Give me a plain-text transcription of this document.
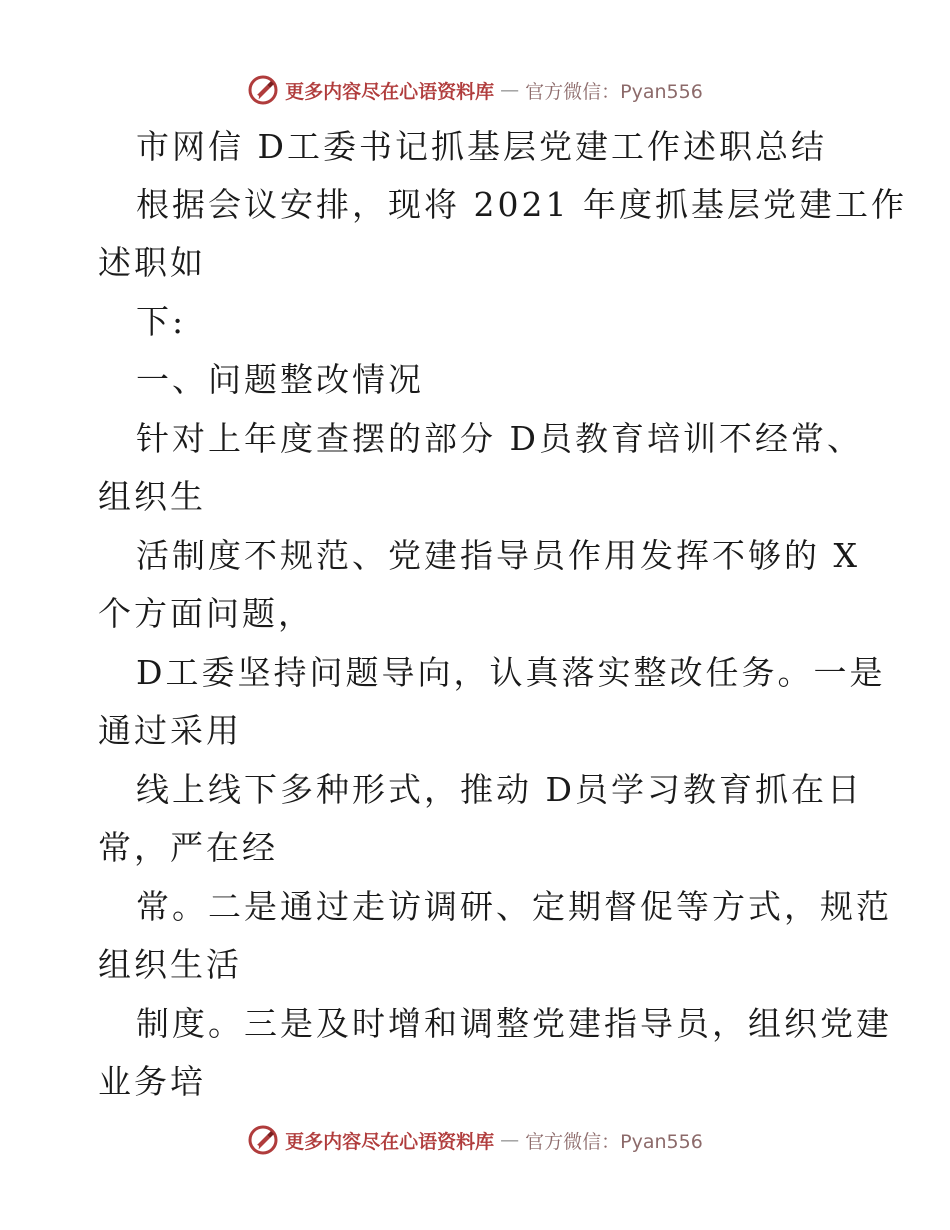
更多内容尽在心语资料库 — 官方微信：Pyan556
市网信 D工委书记抓基层党建工作述职总结
根据会议安排，现将 2021 年度抓基层党建工作
述职如
下:
一、问题整改情况
针对上年度查摆的部分 D员教育培训不经常、
组织生
活制度不规范、党建指导员作用发挥不够的 X
个方面问题，
D工委坚持问题导向，认真落实整改任务。一是
通过采用
线上线下多种形式，推动 D员学习教育抓在日
常，严在经
常。二是通过走访调研、定期督促等方式，规范
组织生活
制度。三是及时增和调整党建指导员，组织党建
业务培
更多内容尽在心语资料库 — 官方微信：Pyan556
